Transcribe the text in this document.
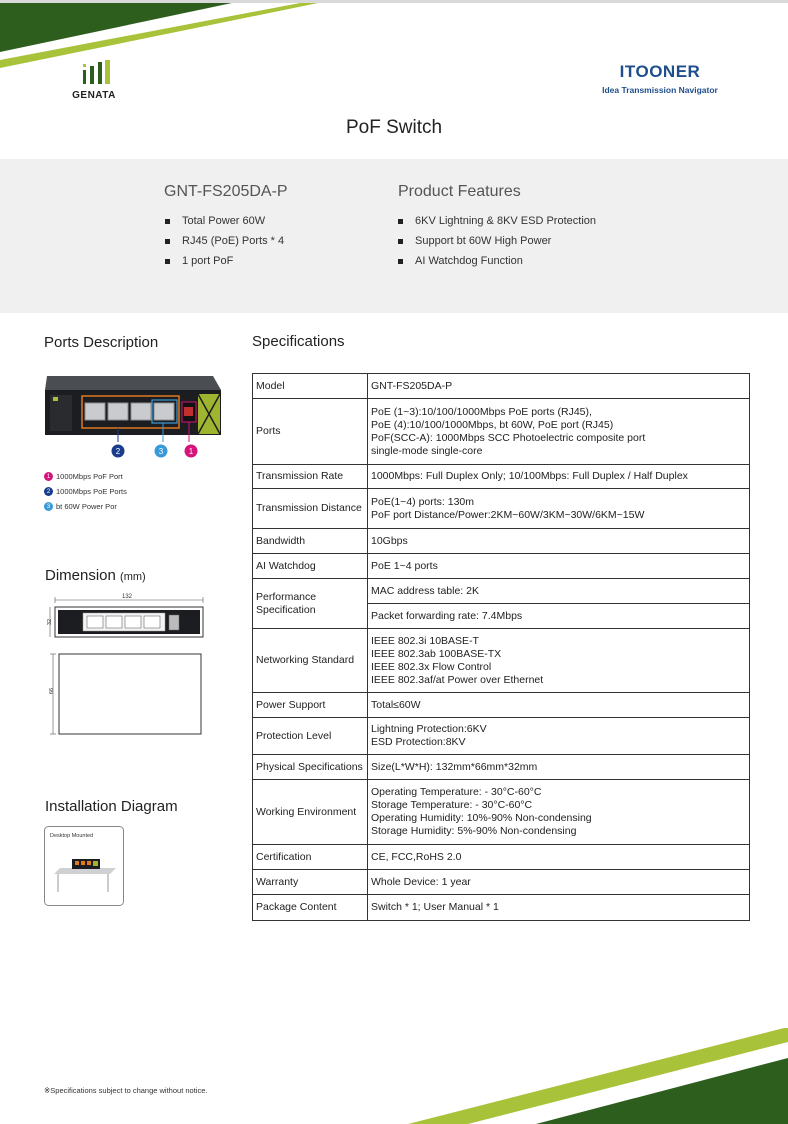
GENATA
ITOONER
Idea Transmission Navigator
PoF Switch
GNT-FS205DA-P	Product Features
Total Power 60W
RJ45 (PoE) Ports * 4
1 port PoF
6KV Lightning & 8KV ESD Protection
Support bt 60W High Power
AI Watchdog Function
Ports Description
2	3	1
1 1000Mbps PoF Port
2 1000Mbps PoE Ports
3 bt 60W Power Por
Dimension (mm)
132
32
66
Installation Diagram
Desktop Mounted
Specifications
Model	GNT-FS205DA-P

Ports	PoE (1~3):10/100/1000Mbps PoE ports (RJ45),
PoE (4):10/100/1000Mbps, bt 60W, PoE port (RJ45)
PoF(SCC-A): 1000Mbps SCC Photoelectric composite port
single-mode single-core

Transmission Rate	1000Mbps: Full Duplex Only; 10/100Mbps: Full Duplex / Half Duplex

Transmission Distance	PoE(1~4) ports: 130m
PoF port Distance/Power:2KM~60W/3KM~30W/6KM~15W

Bandwidth	10Gbps

AI Watchdog	PoE 1~4 ports

Performance Specification	MAC address table: 2K

	Packet forwarding rate: 7.4Mbps

Networking Standard	IEEE 802.3i 10BASE-T
IEEE 802.3ab 100BASE-TX
IEEE 802.3x Flow Control
IEEE 802.3af/at Power over Ethernet

Power Support	Total≤60W

Protection Level	Lightning Protection:6KV
ESD Protection:8KV

Physical Specifications	Size(L*W*H): 132mm*66mm*32mm

Working Environment	Operating Temperature: - 30°C-60°C
Storage Temperature: - 30°C-60°C
Operating Humidity: 10%-90% Non-condensing
Storage Humidity: 5%-90% Non-condensing

Certification	CE, FCC,RoHS 2.0

Warranty	Whole Device: 1 year

Package Content	Switch * 1; User Manual * 1
※Specifications subject to change without notice.
